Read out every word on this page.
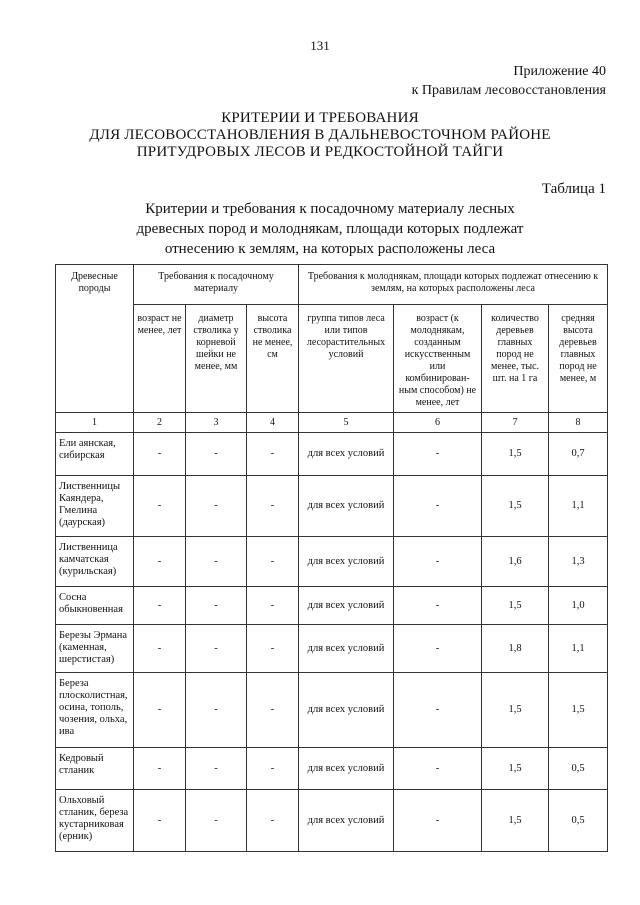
131
Приложение 40
к Правилам лесовосстановления
КРИТЕРИИ И ТРЕБОВАНИЯ
ДЛЯ ЛЕСОВОССТАНОВЛЕНИЯ В ДАЛЬНЕВОСТОЧНОМ РАЙОНЕ
ПРИТУДРОВЫХ ЛЕСОВ И РЕДКОСТОЙНОЙ ТАЙГИ
Таблица 1
Критерии и требования к посадочному материалу лесных
древесных пород и молоднякам, площади которых подлежат
отнесению к землям, на которых расположены леса
Древесные породы	Требования к посадочному материалу			Требования к молоднякам, площади которых подлежат отнесению к землям, на которых расположены леса			
	возраст не менее, лет	диаметр стволика у корневой шейки не менее, мм	высота стволика не менее, см	группа типов леса или типов лесорастительных условий	возраст (к молоднякам, созданным искусственным или комбинирован-ным способом) не менее, лет	количество деревьев главных пород не менее, тыс. шт. на 1 га	средняя высота деревьев главных пород не менее, м
1	2	3	4	5	6	7	8
Ели аянская, сибирская	-	-	-	для всех условий	-	1,5	0,7
Лиственницы Каяндера, Гмелина (даурская)	-	-	-	для всех условий	-	1,5	1,1
Лиственница камчатская (курильская)	-	-	-	для всех условий	-	1,6	1,3
Сосна обыкновенная	-	-	-	для всех условий	-	1,5	1,0
Березы Эрмана (каменная, шерстистая)	-	-	-	для всех условий	-	1,8	1,1
Береза плосколистная, осина, тополь, чозения, ольха, ива	-	-	-	для всех условий	-	1,5	1,5
Кедровый стланик	-	-	-	для всех условий	-	1,5	0,5
Ольховый стланик, береза кустарниковая (ерник)	-	-	-	для всех условий	-	1,5	0,5
